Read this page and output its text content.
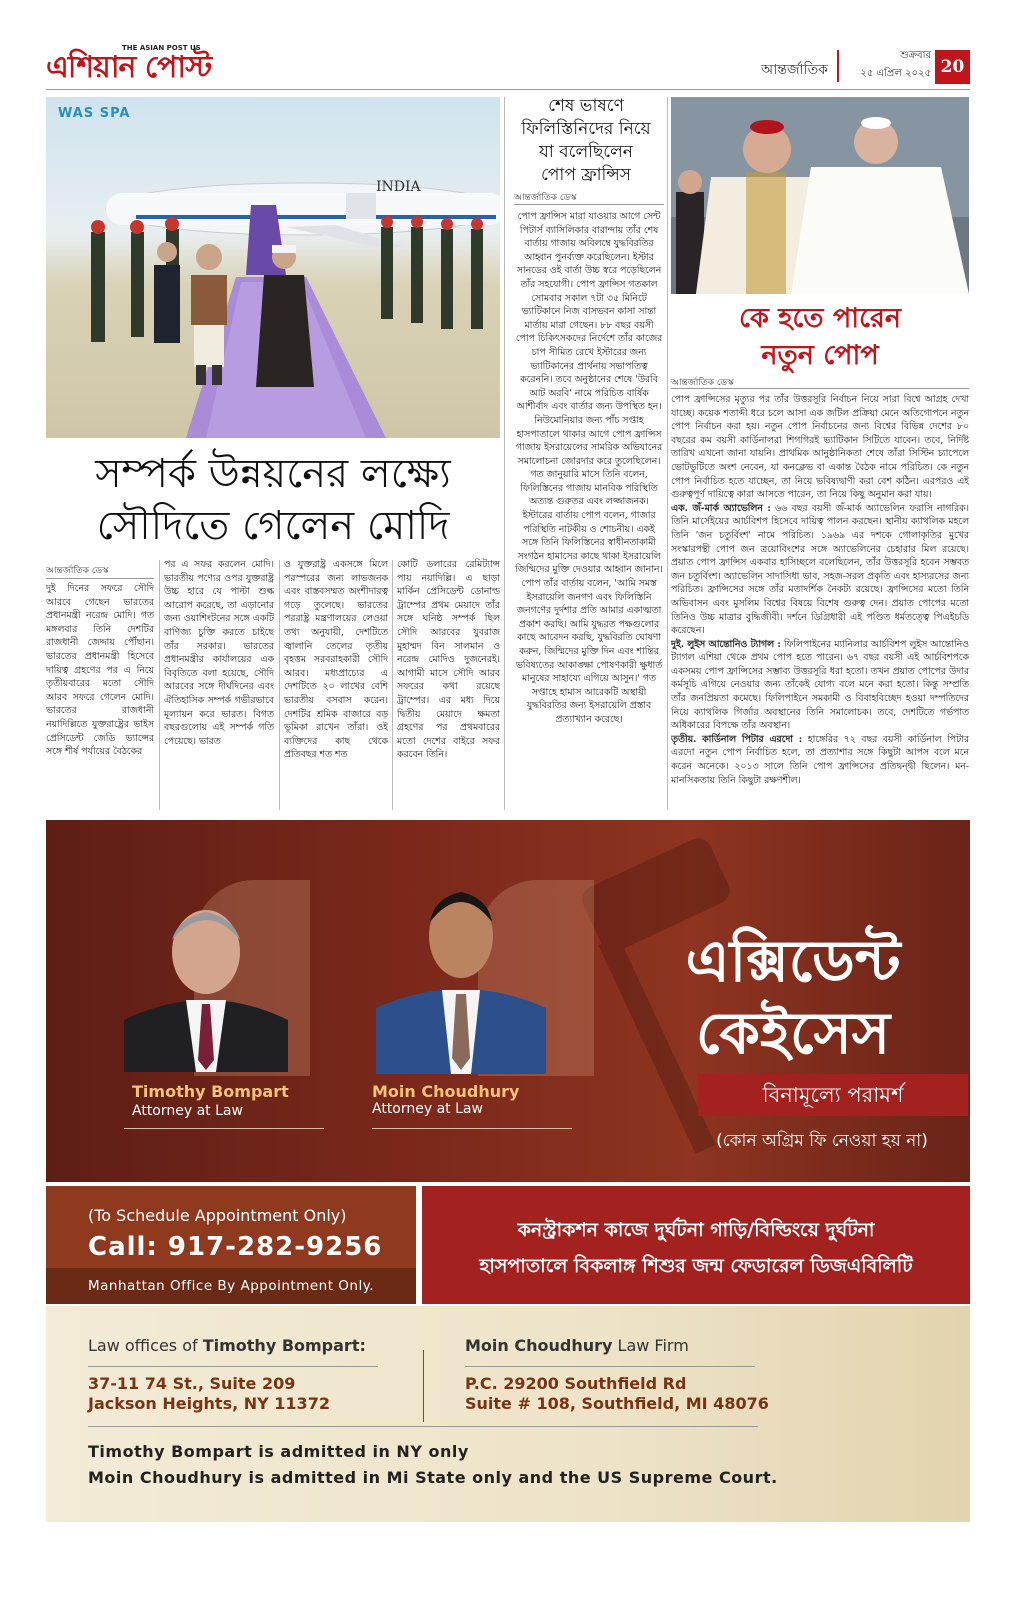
এশিয়ান পোস্ট
THE ASIAN POST US
আন্তর্জাতিক
শুক্রবার
২৫ এপ্রিল ২০২৫ 20
INDIA
WAS SPA
সম্পর্ক উন্নয়নের লক্ষ্যে
সৌদিতে গেলেন মোদি
আন্তর্জাতিক ডেস্ক
দুই দিনের সফরে সৌদি আরবে গেছেন ভারতের প্রধানমন্ত্রী নরেন্দ্র মোদি। গত মঙ্গলবার তিনি দেশটির রাজধানী জেদ্দায় পৌঁছান। ভারতের প্রধানমন্ত্রী হিসেবে দায়িত্ব গ্রহণের পর এ নিয়ে তৃতীয়বারের মতো সৌদি আরব সফরে গেলেন মোদি। ভারতের রাজধানী নয়াদিল্লিতে যুক্তরাষ্ট্রের ভাইস প্রেসিডেন্ট জেডি ভ্যান্সের সঙ্গে শীর্ষ পর্যায়ের বৈঠকের
পর এ সফর করলেন মোদি। ভারতীয় পণ্যের ওপর যুক্তরাষ্ট্র উচ্চ হারে যে পাল্টা শুল্ক আরোপ করেছে, তা এড়ানোর জন্য ওয়াশিংটনের সঙ্গে একটি বাণিজ্য চুক্তি করতে চাইছে তাঁর সরকার। ভারতের প্রধানমন্ত্রীর কার্যালয়ের এক বিবৃতিতে বলা হয়েছে, সৌদি আরবের সঙ্গে দীর্ঘদিনের এবং ঐতিহাসিক সম্পর্ক গভীরভাবে মূল্যায়ন করে ভারত। বিগত বছরগুলোয় এই সম্পর্ক গতি পেয়েছে। ভারত
ও যুক্তরাষ্ট্র একসঙ্গে মিলে পরস্পরের জন্য লাভজনক এবং বাস্তবসম্মত অংশীদারত্ব গড়ে তুলেছে। ভারতের পররাষ্ট্র মন্ত্রণালয়ের লেওয়া তথ্য অনুযায়ী, দেশটিতে জ্বালানি তেলের তৃতীয় বৃহত্তম সরবরাহকারী সৌদি আরব। মধ্যপ্রাচ্যের এ দেশটিতে ২০ লাখের বেশি ভারতীয় বসবাস করেন। দেশটির শ্রমিক বাজারে বড় ভূমিকা রাখেন তাঁরা। ওই ব্যক্তিদের কাছ থেকে প্রতিবছর শত শত
কোটি ডলারের রেমিট্যান্স পায় নয়াদিল্লি। এ ছাড়া মার্কিন প্রেসিডেন্ট ডোনাল্ড ট্রাম্পের প্রথম মেয়াদে তাঁর সঙ্গে ঘনিষ্ঠ সম্পর্ক ছিল সৌদি আরবের যুবরাজ মুহাম্মদ বিন সালমান ও নরেন্দ্র মোদিও দুজনেরই। আগামী মাসে সৌদি আরব সফরের কথা রয়েছে ট্রাম্পের। এর মধ্য দিয়ে দ্বিতীয় মেয়াদে ক্ষমতা গ্রহণের পর প্রথমবারের মতো দেশের বাইরে সফর করবেন তিনি।
শেষ ভাষণে
ফিলিস্তিনিদের নিয়ে
যা বলেছিলেন
পোপ ফ্রান্সিস
আন্তর্জাতিক ডেস্ক
পোপ ফ্রান্সিস মারা যাওয়ার আগে সেন্ট পিটার্স ব্যাসিলিকার বারান্দায় তাঁর শেষ বার্তায় গাজায় অবিলম্বে যুদ্ধবিরতির আহ্বান পুনর্ব্যক্ত করেছিলেন। ইস্টার সানডের ওই বার্তা উচ্চ স্বরে পড়েছিলেন তাঁর সহযোগী। পোপ ফ্রান্সিস গতকাল সোমবার সকাল ৭টা ৩৫ মিনিটে ভ্যাটিকানে নিজ বাসভবন কাসা সান্তা মার্তায় মারা গেছেন। ৮৮ বছর বয়সী পোপ চিকিৎসকদের নির্দেশে তাঁর কাজের চাপ সীমিত রেখে ইস্টারের জন্য ভ্যাটিকানের প্রার্থনায় সভাপতিত্ব করেননি। তবে অনুষ্ঠানের শেষে 'উরবি আট অরবি' নামে পরিচিত বার্ষিক আশীর্বাদ এবং বার্তার জন্য উপস্থিত হন। নিউমোনিয়ার জন্য পাঁচ সপ্তাহ হাসপাতালে থাকার আগে পোপ ফ্রান্সিস গাজায় ইসরায়েলের সামরিক অভিযানের সমালোচনা জোরদার করে তুলেছিলেন। গত জানুয়ারি মাসে তিনি বলেন, ফিলিস্তিনের গাজায় মানবিক পরিস্থিতি অত্যন্ত গুরুতর এবং লজ্জাজনক। ইস্টারের বার্তায় পোপ বলেন, গাজার পরিস্থিতি নাটকীয় ও শোচনীয়। একই সঙ্গে তিনি ফিলিস্তিনের স্বাধীনতাকামী সংগঠন হামাসের কাছে থাকা ইসরায়েলি জিম্মিদের মুক্তি দেওয়ার আহ্বান জানান। পোপ তাঁর বার্তায় বলেন, 'আমি সমস্ত ইসরায়েলি জনগণ এবং ফিলিস্তিনি জনগণের দুর্দশার প্রতি আমার একাত্মতা প্রকাশ করছি। আমি যুদ্ধরত পক্ষগুলোর কাছে আবেদন করছি, যুদ্ধবিরতি ঘোষণা করুন, জিম্মিদের মুক্তি দিন এবং শান্তির ভবিষ্যতের আকাঙ্ক্ষা পোষণকারী ক্ষুধার্ত মানুষের সাহায্যে এগিয়ে আসুন।' গত সপ্তাহে হামাস আরেকটি অস্থায়ী যুদ্ধবিরতির জন্য ইসরায়েলি প্রস্তাব প্রত্যাখ্যান করেছে।
কে হতে পারেন
নতুন পোপ
আন্তর্জাতিক ডেস্ক
পোপ ফ্রান্সিসের মৃত্যুর পর তাঁর উত্তরসূরি নির্বাচন নিয়ে সারা বিশ্বে আগ্রহ দেখা যাচ্ছে। কয়েক শতাব্দী ধরে চলে আসা এক জটিল প্রক্রিয়া মেনে অতিগোপনে নতুন পোপ নির্বাচন করা হয়। নতুন পোপ নির্বাচনের জন্য বিশ্বের বিভিন্ন দেশের ৮০ বছরের কম বয়সী কার্ডিনালরা শিগগিরই ভ্যাটিকান সিটিতে যাবেন। তবে, নির্দিষ্ট তারিখ এখনো জানা যায়নি। প্রাথমিক আনুষ্ঠানিকতা শেষে তাঁরা সিস্টিন চ্যাপেলে ভোটভুটিতে অংশ নেবেন, যা কনক্লেভ বা একান্ত বৈঠক নামে পরিচিত। কে নতুন পোপ নির্বাচিত হতে যাচ্ছেন, তা নিয়ে ভবিষ্যদ্বাণী করা বেশ কঠিন। এরপরও এই গুরুত্বপূর্ণ দায়িত্বে কারা আসতে পারেন, তা নিয়ে কিছু অনুমান করা যায়।
এক. জঁ-মার্ক অ্যাভেলিন : ৬৬ বছর বয়সী জঁ-মার্ক অ্যাভেলিন ফরাসি নাগরিক। তিনি মার্সেইয়ের আর্চবিশপ হিসেবে দায়িত্ব পালন করছেন। স্থানীয় ক্যাথলিক মহলে তিনি 'জন চতুর্বিংশ' নামে পরিচিত। ১৯৬৯ এর দশকে গোলাকৃতির মুখের সংস্কারপন্থী পোপ জন ত্রয়োবিংশের সঙ্গে অ্যাভেলিনের চেহারার মিল রয়েছে। প্রয়াত পোপ ফ্রান্সিস একবার হাসিচ্ছলে বলেছিলেন, তাঁর উত্তরসূরি হবেন সম্ভবত জন চতুর্বিংশ। অ্যাভেলিন সাদাসিধা ভাব, সহজ-সরল প্রকৃতি এবং হাস্যরসের জন্য পরিচিত। ফ্রান্সিসের সঙ্গে তাঁর মতাদর্শিক নৈকট্য রয়েছে। ফ্রান্সিসের মতো তিনি অভিবাসন এবং মুসলিম বিশ্বের বিষয়ে বিশেষ গুরুত্ব দেন। প্রয়াত পোপের মতো তিনিও উচ্চ মাত্রার বুদ্ধিজীবী। দর্শনে ডিগ্রিধারী এই পণ্ডিত ধর্মতত্ত্বে পিএইচডি করেছেন।
দুই. লুইস আন্তোনিও ট্যাগল : ফিলিপাইনের ম্যানিলার আর্চবিশপ লুইস আন্তোনিও ট্যাগল এশিয়া থেকে প্রথম পোপ হতে পারেন। ৬৭ বছর বয়সী এই আর্চবিশপকে একসময় পোপ ফ্রান্সিসের সম্ভাব্য উত্তরসূরি ধরা হতো। তখন প্রয়াত পোপের উদার কর্মসূচি এগিয়ে নেওয়ার জন্য তাঁকেই যোগ্য বলে মনে করা হতো। কিন্তু সম্প্রতি তাঁর জনপ্রিয়তা কমেছে। ফিলিপাইনে সমকামী ও বিবাহবিচ্ছেদ হওয়া দম্পতিদের নিয়ে ক্যাথলিক গির্জার অবস্থানের তিনি সমালোচক। তবে, দেশটিতে গর্ভপাত অধিকারের বিপক্ষে তাঁর অবস্থান।
তৃতীয়. কার্ডিনাল পিটার এরদো : হাঙ্গেরির ৭২ বছর বয়সী কার্ডিনাল পিটার এরদো নতুন পোপ নির্বাচিত হলে, তা প্রত্যাশার সঙ্গে কিছুটা আপস বলে মনে করেন অনেকে। ২০১৩ সালে তিনি পোপ ফ্রান্সিসের প্রতিদ্বন্দ্বী ছিলেন। মন-মানসিকতায় তিনি কিছুটা রক্ষণশীল।
Timothy Bompart
Attorney at Law
Moin Choudhury
Attorney at Law
এক্সিডেন্ট
কেইসেস
বিনামূল্যে পরামর্শ
(কোন অগ্রিম ফি নেওয়া হয় না)
(To Schedule Appointment Only)
Call: 917-282-9256
Manhattan Office By Appointment Only.
কনস্ট্রাকশন কাজে দুর্ঘটনা গাড়ি/বিল্ডিংয়ে দুর্ঘটনা
হাসপাতালে বিকলাঙ্গ শিশুর জন্ম ফেডারেল ডিজএবিলিটি
Law offices of Timothy Bompart:
37-11 74 St., Suite 209
Jackson Heights, NY 11372
Moin Choudhury Law Firm
P.C. 29200 Southfield Rd
Suite # 108, Southfield, MI 48076
Timothy Bompart is admitted in NY only
Moin Choudhury is admitted in Mi State only and the US Supreme Court.
